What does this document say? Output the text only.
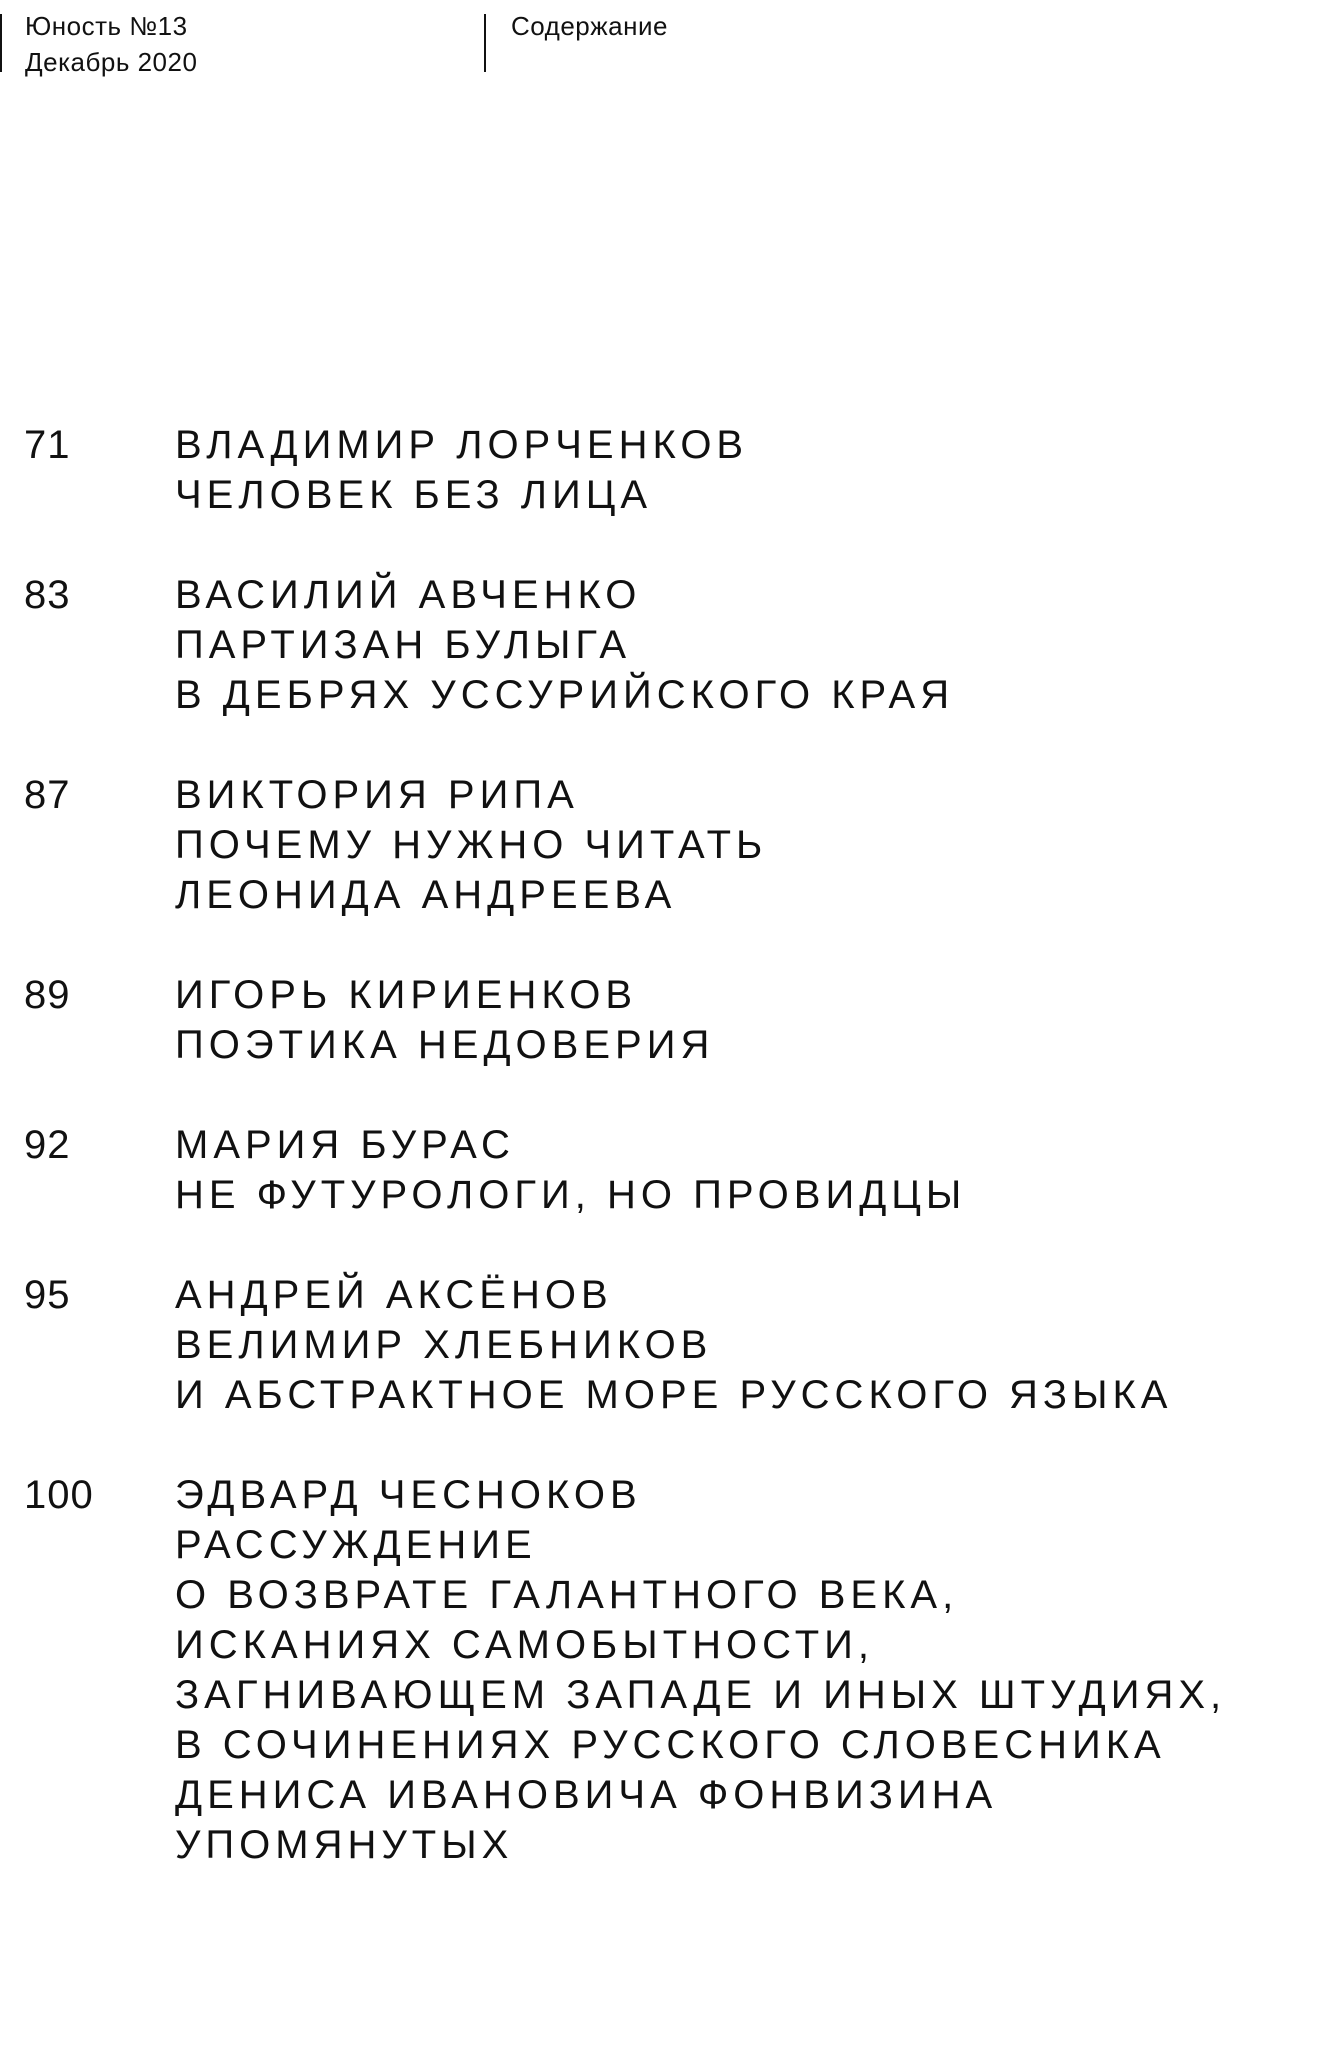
Юность №13
Декабрь 2020
Содержание
71	ВЛАДИМИР ЛОРЧЕНКОВ
ЧЕЛОВЕК БЕЗ ЛИЦА
83	ВАСИЛИЙ АВЧЕНКО
ПАРТИЗАН БУЛЫГА
В ДЕБРЯХ УССУРИЙСКОГО КРАЯ
87	ВИКТОРИЯ РИПА
ПОЧЕМУ НУЖНО ЧИТАТЬ
ЛЕОНИДА АНДРЕЕВА
89	ИГОРЬ КИРИЕНКОВ
ПОЭТИКА НЕДОВЕРИЯ
92	МАРИЯ БУРАС
НЕ ФУТУРОЛОГИ, НО ПРОВИДЦЫ
95	АНДРЕЙ АКСЁНОВ
ВЕЛИМИР ХЛЕБНИКОВ
И АБСТРАКТНОЕ МОРЕ РУССКОГО ЯЗЫКА
100 ЭДВАРД ЧЕСНОКОВ
РАССУЖДЕНИЕ
О ВОЗВРАТЕ ГАЛАНТНОГО ВЕКА,
ИСКАНИЯХ САМОБЫТНОСТИ,
ЗАГНИВАЮЩЕМ ЗАПАДЕ И ИНЫХ ШТУДИЯХ,
В СОЧИНЕНИЯХ РУССКОГО СЛОВЕСНИКА
ДЕНИСА ИВАНОВИЧА ФОНВИЗИНА
УПОМЯНУТЫХ
